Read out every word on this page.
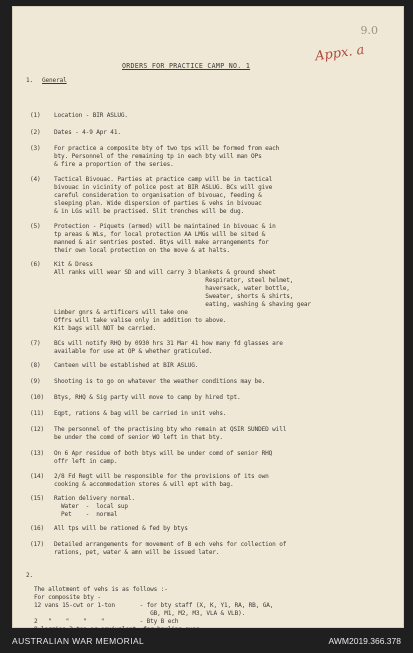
9.0
Appx. a
ORDERS FOR PRACTICE CAMP NO. 1
1. General
(1) Location - BIR ASLUG.
(2) Dates - 4-9 Apr 41.
(3) For practice a composite bty of two tps will be formed from each
bty. Personnel of the remaining tp in each bty will man OPs
& fire a proportion of the series.
(4) Tactical Bivouac. Parties at practice camp will be in tactical
bivouac in vicinity of police post at BIR ASLUG. BCs will give
careful consideration to organisation of bivouac, feeding &
sleeping plan. Wide dispersion of parties & vehs in bivouac
& in LGs will be practised. Slit trenches will be dug.
(5) Protection - Piquets (armed) will be maintained in bivouac & in
tp areas & WLs, for local protection AA LMGs will be sited &
manned & air sentries posted. Btys will make arrangements for
their own local protection on the move & at halts.
(6) Kit & Dress
All ranks will wear SD and will carry 3 blankets & ground sheet
Respirator, steel helmet,
haversack, water bottle,
Sweater, shorts & shirts,
eating, washing & shaving gear
Limber gnrs & artificers will take one
Offrs will take valise only in addition to above.
Kit bags will NOT be carried.
(7) BCs will notify RHQ by 0930 hrs 31 Mar 41 how many fd glasses are
available for use at OP & whether graticuled.
(8) Canteen will be established at BIR ASLUG.
(9) Shooting is to go on whatever the weather conditions may be.
(10) Btys, RHQ & Sig party will move to camp by hired tpt.
(11) Eqpt, rations & bag will be carried in unit vehs.
(12) The personnel of the practising bty who remain at QSIR SUNDED will
be under the comd of senior WO left in that bty.
(13) On 6 Apr residue of both btys will be under comd of senior RHQ
offr left in camp.
(14) 2/8 Fd Regt will be responsible for the provisions of its own
cooking & accommodation stores & will ept with bag.
(15) Ration delivery normal.
Water  -  local sup
Pet    -  normal
(16) All tps will be rationed & fed by btys
(17) Detailed arrangements for movement of B ech vehs for collection of
rations, pet, water & amn will be issued later.
2.
The allotment of vehs is as follows :-
For composite bty -
12 vans 15-cwt or 1-ton       - for bty staff (X, K, Y1, RA, RB, GA,
GB, M1, M2, M3, VLA & VLB).
2   "    "    "    "          - Bty B ech

AUSTRALIAN WAR MEMORIAL	AWM2019.366.378
